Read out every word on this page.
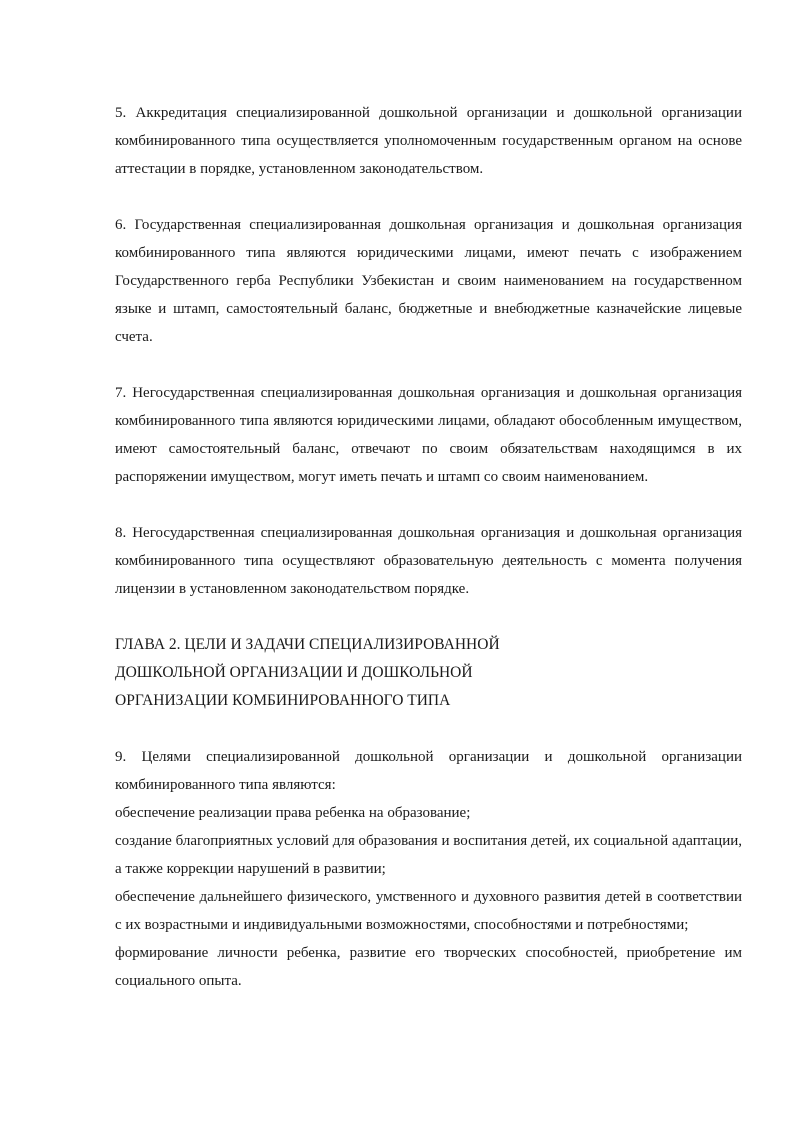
5. Аккредитация специализированной дошкольной организации и дошкольной организации комбинированного типа осуществляется уполномоченным государственным органом на основе аттестации в порядке, установленном законодательством.

6. Государственная специализированная дошкольная организация и дошкольная организация комбинированного типа являются юридическими лицами, имеют печать с изображением Государственного герба Республики Узбекистан и своим наименованием на государственном языке и штамп, самостоятельный баланс, бюджетные и внебюджетные казначейские лицевые счета.

7. Негосударственная специализированная дошкольная организация и дошкольная организация комбинированного типа являются юридическими лицами, обладают обособленным имуществом, имеют самостоятельный баланс, отвечают по своим обязательствам находящимся в их распоряжении имуществом, могут иметь печать и штамп со своим наименованием.

8. Негосударственная специализированная дошкольная организация и дошкольная организация комбинированного типа осуществляют образовательную деятельность с момента получения лицензии в установленном законодательством порядке.

ГЛАВА 2. ЦЕЛИ И ЗАДАЧИ СПЕЦИАЛИЗИРОВАННОЙ
ДОШКОЛЬНОЙ ОРГАНИЗАЦИИ И ДОШКОЛЬНОЙ
ОРГАНИЗАЦИИ КОМБИНИРОВАННОГО ТИПА

9. Целями специализированной дошкольной организации и дошкольной организации комбинированного типа являются:

обеспечение реализации права ребенка на образование;

создание благоприятных условий для образования и воспитания детей, их социальной адаптации, а также коррекции нарушений в развитии;

обеспечение дальнейшего физического, умственного и духовного развития детей в соответствии с их возрастными и индивидуальными возможностями, способностями и потребностями;

формирование личности ребенка, развитие его творческих способностей, приобретение им социального опыта.
